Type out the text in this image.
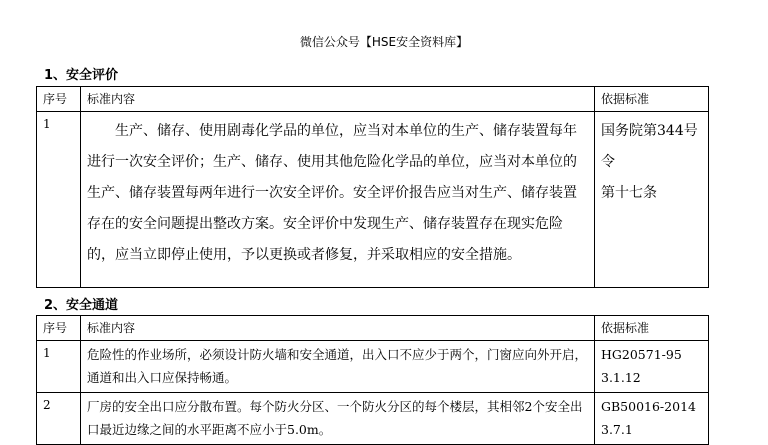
微信公众号【HSE安全资料库】
1、安全评价
序号	标准内容	依据标准
1	生产、储存、使用剧毒化学品的单位，应当对本单位的生产、储存装置每年进行一次安全评价；生产、储存、使用其他危险化学品的单位，应当对本单位的生产、储存装置每两年进行一次安全评价。安全评价报告应当对生产、储存装置存在的安全问题提出整改方案。安全评价中发现生产、储存装置存在现实危险的，应当立即停止使用，予以更换或者修复，并采取相应的安全措施。	国务院第344号令
第十七条
2、安全通道
序号	标准内容	依据标准
1	危险性的作业场所，必须设计防火墙和安全通道，出入口不应少于两个，门窗应向外开启，通道和出入口应保持畅通。	HG20571-95
3.1.12
2	厂房的安全出口应分散布置。每个防火分区、一个防火分区的每个楼层，其相邻2个安全出口最近边缘之间的水平距离不应小于5.0m。	GB50016-2014
3.7.1
